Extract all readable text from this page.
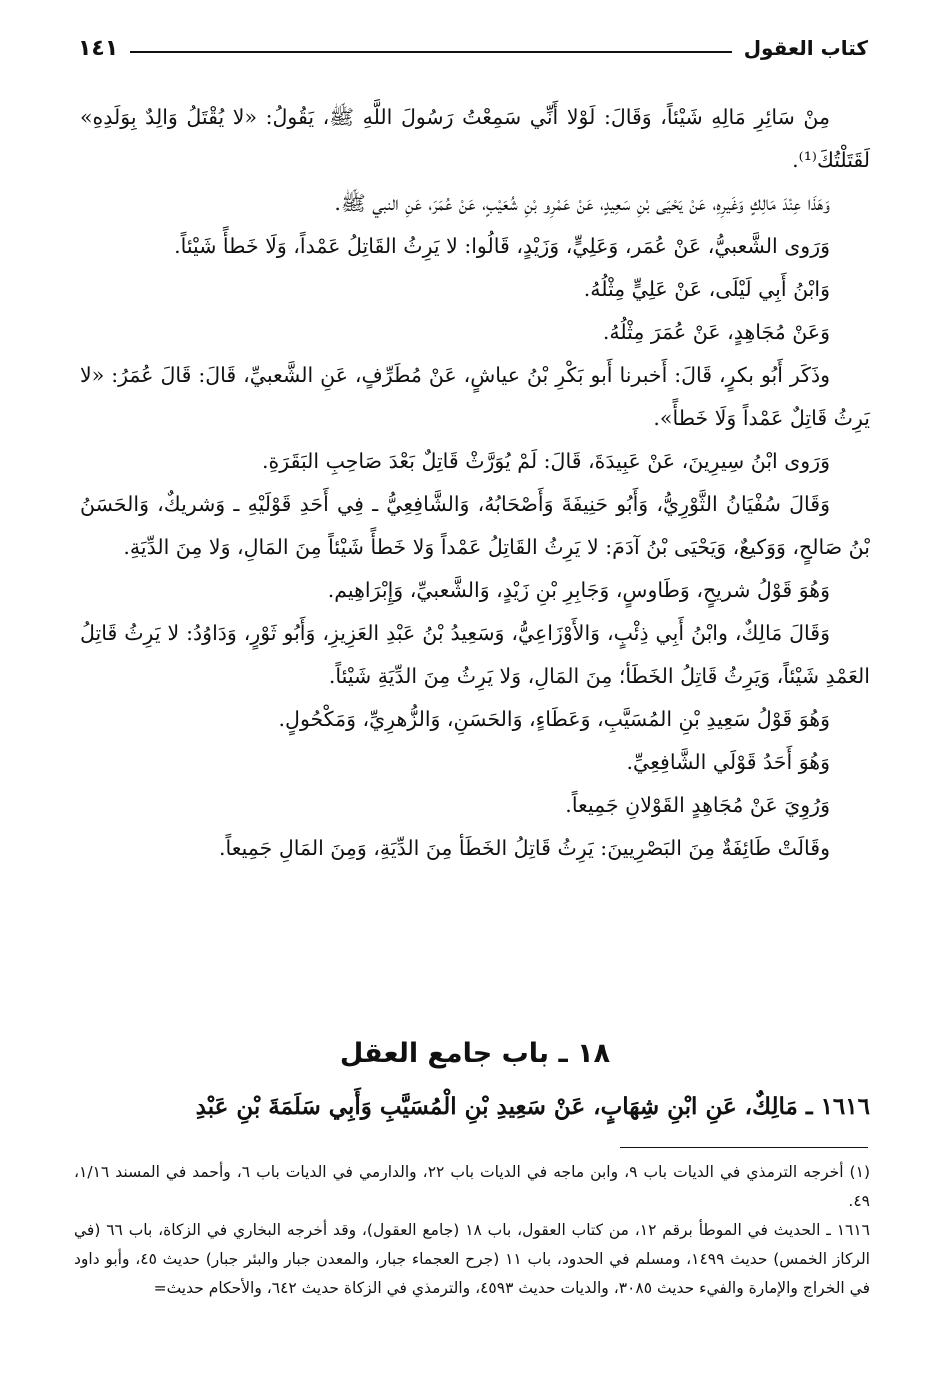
كتاب العقول
١٤١

مِنْ سَائِرِ مَالِهِ شَيْئاً، وَقَالَ: لَوْلا أَنِّي سَمِعْتُ رَسُولَ اللَّهِ ﷺ، يَقُولُ: «لا يُقْتَلُ وَالِدٌ بِوَلَدِهِ» لَقَتَلْتُكَ⁽¹⁾.

وَهَذَا عِنْدَ مَالِكٍ وَغَيرِهِ، عَنْ يَحْيَى بْنِ سَعِيدٍ، عَنْ عَمْرِو بْنِ شُعَيْبٍ، عَنْ عُمَرَ، عَنِ النبي ﷺ.

وَرَوى الشَّعبيُّ، عَنْ عُمَر، وَعَلِيٍّ، وَزَيْدٍ، قَالُوا: لا يَرِثُ القَاتِلُ عَمْداً، وَلَا خَطأً شَيْئاً.

وَابْنُ أَبِي لَيْلَى، عَنْ عَلِيٍّ مِثْلُهُ.

وَعَنْ مُجَاهِدٍ، عَنْ عُمَرَ مِثْلُهُ.

وذَكَر أَبُو بكرٍ، قَالَ: أَخبرنا أَبو بَكْرِ بْنُ عياشٍ، عَنْ مُطَرِّفٍ، عَنِ الشَّعبيِّ، قَالَ: قَالَ عُمَرُ: «لا يَرِثُ قَاتِلٌ عَمْداً وَلَا خَطأً».

وَرَوى ابْنُ سِيرِينَ، عَنْ عَبِيدَةَ، قَالَ: لَمْ يُوَرَّثْ قَاتِلٌ بَعْدَ صَاحِبِ البَقَرَةِ.

وَقَالَ سُفْيَانُ الثَّوْرِيُّ، وَأَبُو حَنِيفَةَ وَأَصْحَابُهُ، وَالشَّافِعِيُّ ـ فِي أَحَدِ قَوْلَيْهِ ـ وَشريكٌ، وَالحَسَنُ بْنُ صَالحٍ، وَوَكيعٌ، وَيَحْيَى بْنُ آدَمَ: لا يَرِثُ القَاتِلُ عَمْداً وَلا خَطأً شَيْئاً مِنَ المَالِ، وَلا مِنَ الدِّيَةِ.

وَهُوَ قَوْلُ شريحٍ، وَطَاوسٍ، وَجَابِرِ بْنِ زَيْدٍ، وَالشَّعبيِّ، وَإِبْرَاهِيم.

وَقَالَ مَالِكٌ، وابْنُ أَبِي ذِئْبٍ، وَالأَوْزَاعِيُّ، وَسَعِيدُ بْنُ عَبْدِ العَزِيزِ، وَأَبُو ثَوْرٍ، وَدَاوُدُ: لا يَرِثُ قَاتِلُ العَمْدِ شَيْئاً، وَيَرِثُ قَاتِلُ الخَطَأ؛ مِنَ المَالِ، وَلا يَرِثُ مِنَ الدِّيَةِ شَيْئاً.

وَهُوَ قَوْلُ سَعِيدِ بْنِ المُسَيَّبِ، وَعَطَاءٍ، وَالحَسَنِ، وَالزُّهرِيِّ، وَمَكْحُولٍ.

وَهُوَ أَحَدُ قَوْلَي الشَّافِعِيِّ.

وَرُوِيَ عَنْ مُجَاهِدٍ القَوْلانِ جَمِيعاً.

وقَالَتْ طَائِفَةٌ مِنَ البَصْرِيينَ: يَرِثُ قَاتِلُ الخَطَأ مِنَ الدِّيَةِ، وَمِنَ المَالِ جَمِيعاً.

١٨ ـ باب جامع العقل
١٦١٦ ـ مَالِكٌ، عَنِ ابْنِ شِهَابٍ، عَنْ سَعِيدِ بْنِ الْمُسَيَّبِ وَأَبِي سَلَمَةَ بْنِ عَبْدِ

(١) أخرجه الترمذي في الديات باب ٩، وابن ماجه في الديات باب ٢٢، والدارمي في الديات باب ٦، وأحمد في المسند ١/١٦، ٤٩.

١٦١٦ ـ الحديث في الموطأ برقم ١٢، من كتاب العقول، باب ١٨ (جامع العقول)، وقد أخرجه البخاري في الزكاة، باب ٦٦ (في الركاز الخمس) حديث ١٤٩٩، ومسلم في الحدود، باب ١١ (جرح العجماء جبار، والمعدن جبار والبئر جبار) حديث ٤٥، وأبو داود في الخراج والإمارة والفيء حديث ٣٠٨٥، والديات حديث ٤٥٩٣، والترمذي في الزكاة حديث ٦٤٢، والأحكام حديث=
